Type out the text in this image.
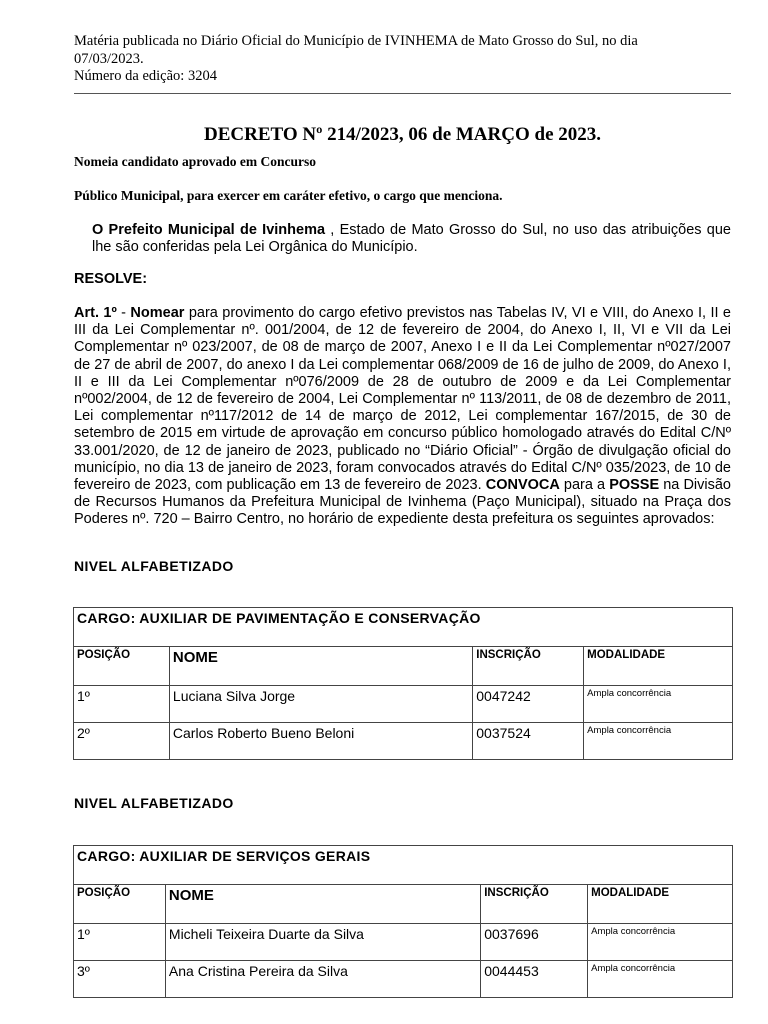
Matéria publicada no Diário Oficial do Município de IVINHEMA de Mato Grosso do Sul, no dia
07/03/2023.
Número da edição: 3204
DECRETO Nº 214/2023, 06 de MARÇO de 2023.
Nomeia candidato aprovado em Concurso
Público Municipal, para exercer em caráter efetivo, o cargo que menciona.
O Prefeito Municipal de Ivinhema , Estado de Mato Grosso do Sul, no uso das atribuições que lhe são conferidas pela Lei Orgânica do Município.
RESOLVE:
Art. 1º - Nomear para provimento do cargo efetivo previstos nas Tabelas IV, VI e VIII, do Anexo I, II e III da Lei Complementar nº. 001/2004, de 12 de fevereiro de 2004, do Anexo I, II, VI e VII da Lei Complementar nº 023/2007, de 08 de março de 2007, Anexo I e II da Lei Complementar nº027/2007 de 27 de abril de 2007, do anexo I da Lei complementar 068/2009 de 16 de julho de 2009, do Anexo I, II e III da Lei Complementar nº076/2009 de 28 de outubro de 2009 e da Lei Complementar nº002/2004, de 12 de fevereiro de 2004, Lei Complementar nº 113/2011, de 08 de dezembro de 2011, Lei complementar nº117/2012 de 14 de março de 2012, Lei complementar 167/2015, de 30 de setembro de 2015 em virtude de aprovação em concurso público homologado através do Edital C/Nº 33.001/2020, de 12 de janeiro de 2023, publicado no “Diário Oficial” - Órgão de divulgação oficial do município, no dia 13 de janeiro de 2023, foram convocados através do Edital C/Nº 035/2023, de 10 de fevereiro de 2023, com publicação em 13 de fevereiro de 2023. CONVOCA para a POSSE na Divisão de Recursos Humanos da Prefeitura Municipal de Ivinhema (Paço Municipal), situado na Praça dos Poderes nº. 720 – Bairro Centro, no horário de expediente desta prefeitura os seguintes aprovados:
NIVEL ALFABETIZADO
CARGO: AUXILIAR DE PAVIMENTAÇÃO E CONSERVAÇÃO			
POSIÇÃO	NOME	INSCRIÇÃO	MODALIDADE
1º	Luciana Silva Jorge	0047242	Ampla concorrência
2º	Carlos Roberto Bueno Beloni	0037524	Ampla concorrência
NIVEL ALFABETIZADO
CARGO: AUXILIAR DE SERVIÇOS GERAIS			
POSIÇÃO	NOME	INSCRIÇÃO	MODALIDADE
1º	Micheli Teixeira Duarte da Silva	0037696	Ampla concorrência
3º	Ana Cristina Pereira da Silva	0044453	Ampla concorrência
